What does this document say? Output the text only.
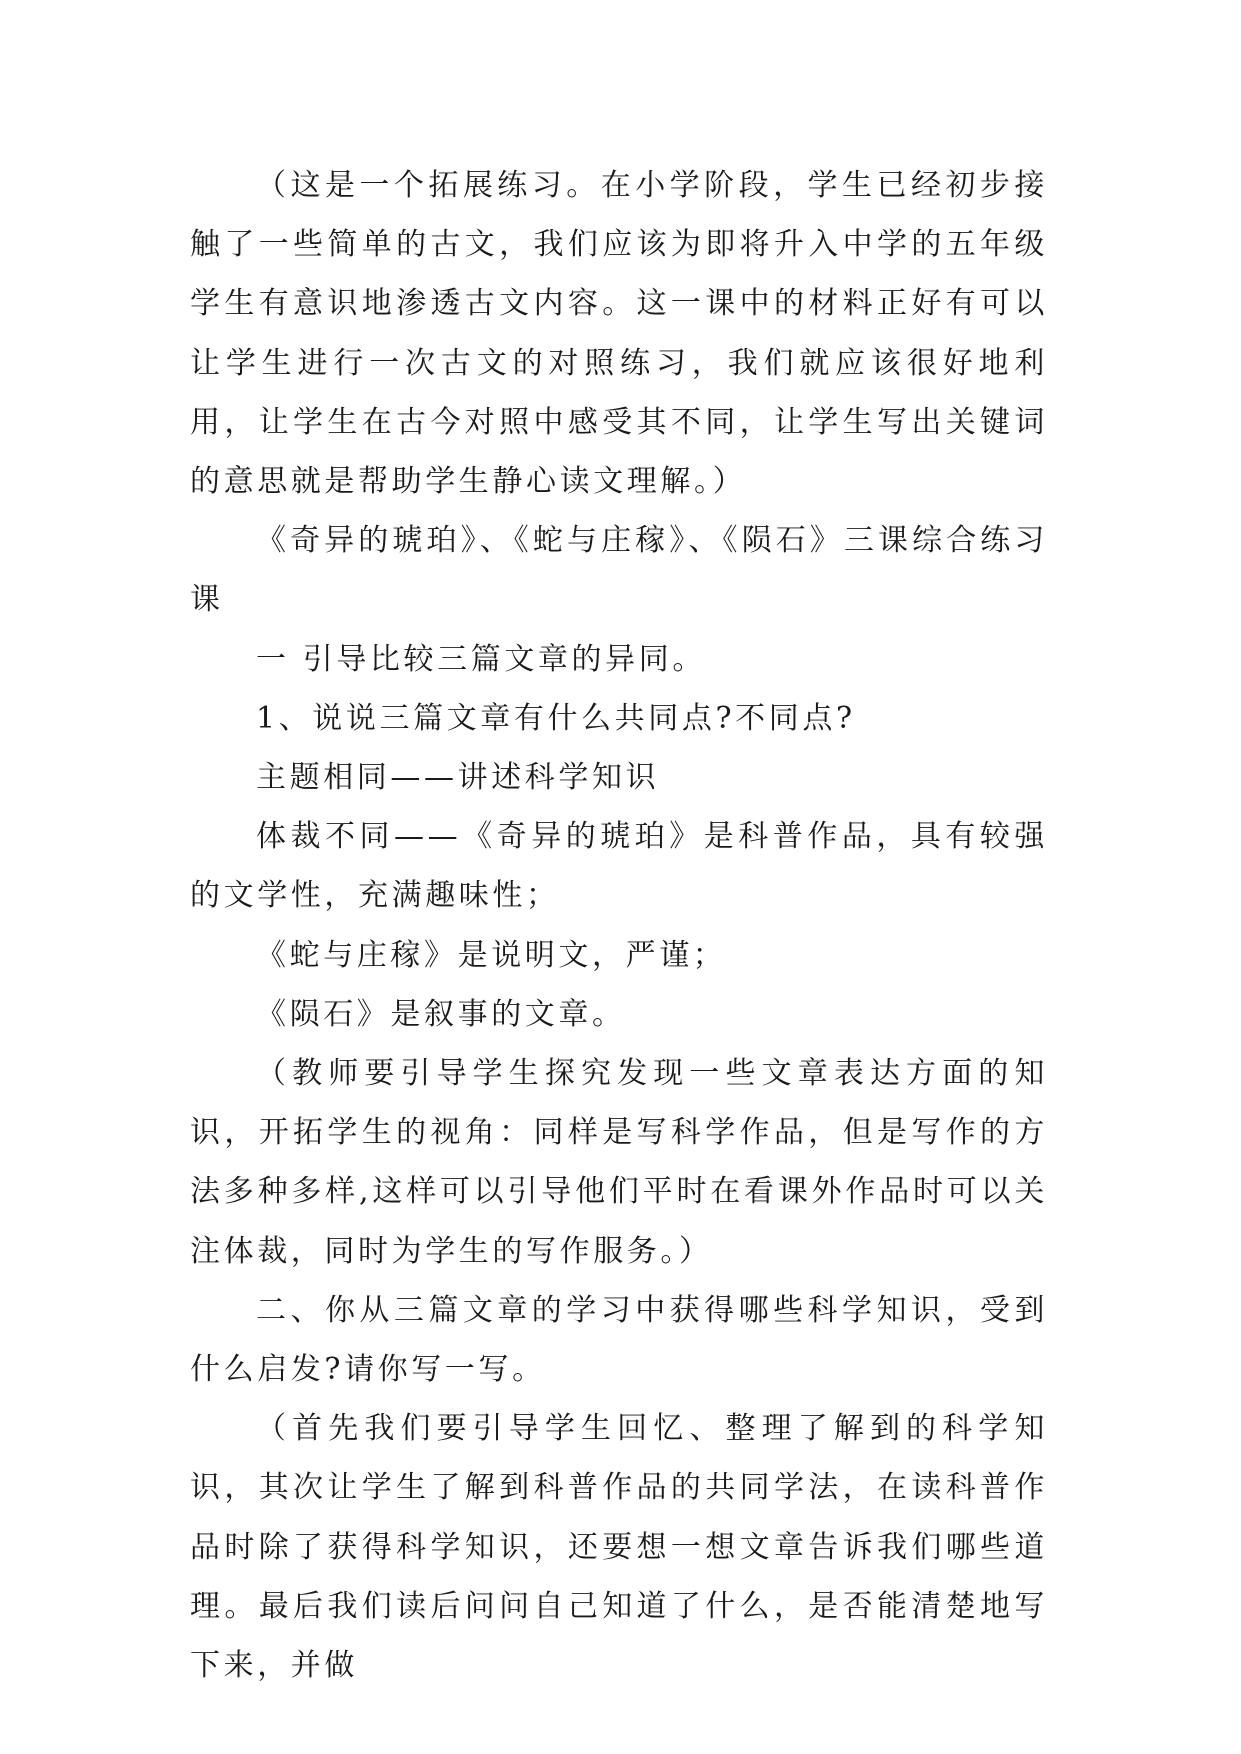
（这是一个拓展练习。在小学阶段，学生已经初步接触了一些简单的古文，我们应该为即将升入中学的五年级学生有意识地渗透古文内容。这一课中的材料正好有可以让学生进行一次古文的对照练习，我们就应该很好地利用，让学生在古今对照中感受其不同，让学生写出关键词的意思就是帮助学生静心读文理解。）

《奇异的琥珀》、《蛇与庄稼》、《陨石》三课综合练习课

一 引导比较三篇文章的异同。

1、说说三篇文章有什么共同点?不同点?

主题相同——讲述科学知识

体裁不同——《奇异的琥珀》是科普作品，具有较强的文学性，充满趣味性；

《蛇与庄稼》是说明文，严谨；

《陨石》是叙事的文章。

（教师要引导学生探究发现一些文章表达方面的知识，开拓学生的视角：同样是写科学作品，但是写作的方法多种多样,这样可以引导他们平时在看课外作品时可以关注体裁，同时为学生的写作服务。）

二、你从三篇文章的学习中获得哪些科学知识，受到什么启发?请你写一写。

（首先我们要引导学生回忆、整理了解到的科学知识，其次让学生了解到科普作品的共同学法，在读科普作品时除了获得科学知识，还要想一想文章告诉我们哪些道理。最后我们读后问问自己知道了什么，是否能清楚地写下来，并做
